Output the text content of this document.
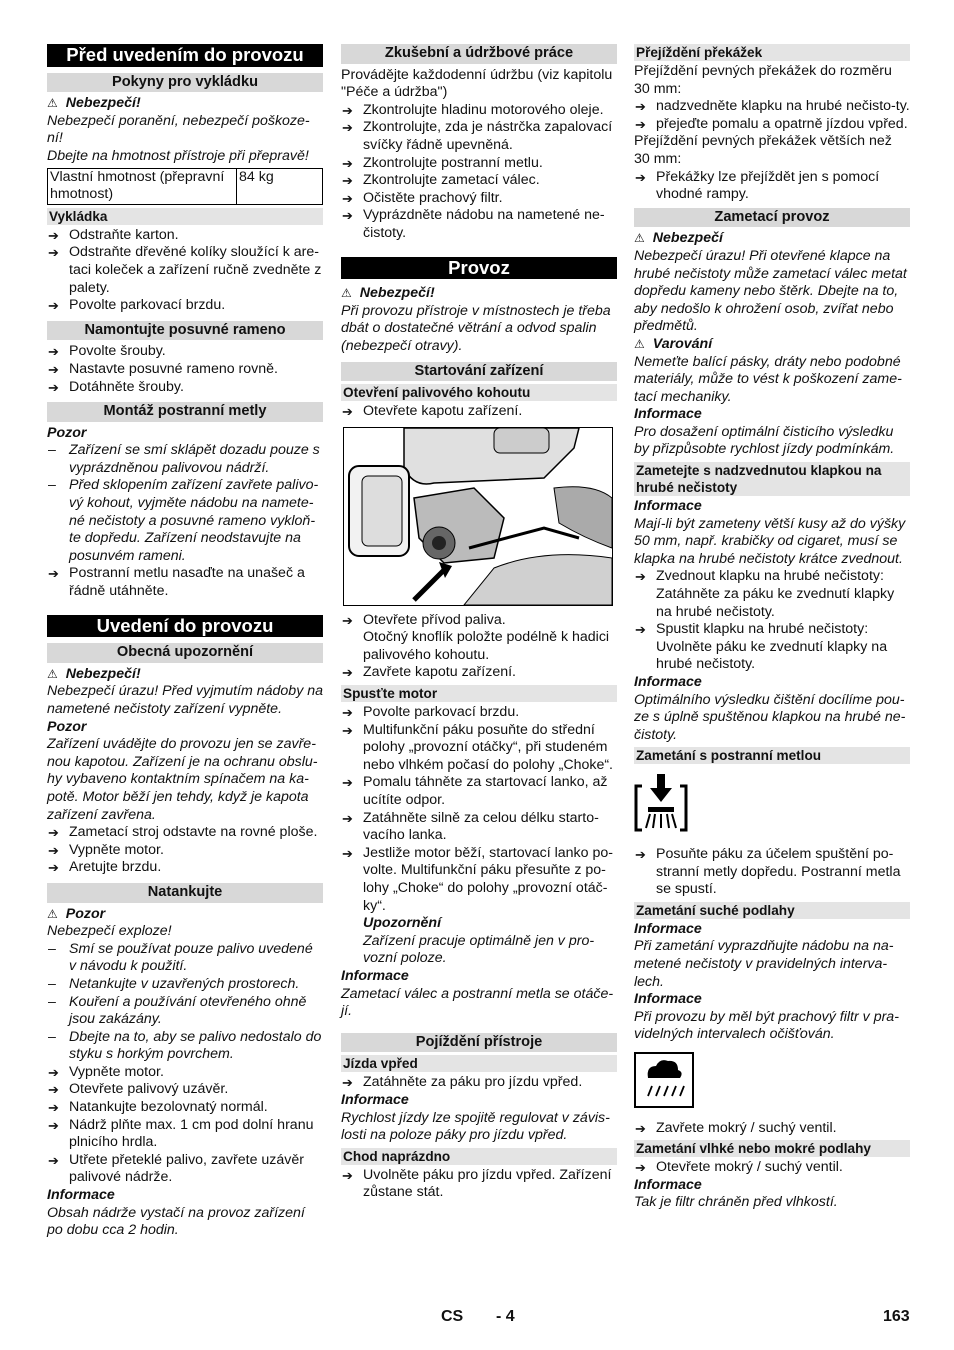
Před uvedením do provozu
Pokyny pro vykládku

⚠ Nebezpečí!

Nebezpečí poranění, nebezpečí poškoze-ní!

Dbejte na hmotnost přístroje při přepravě!

Vlastní hmotnost (přepravní hmotnost)	84 kg
Vykládka

➔ Odstraňte karton.

➔ Odstraňte dřevěné kolíky sloužící k are-taci koleček a zařízení ručně zvedněte z palety.

➔ Povolte parkovací brzdu.

Namontujte posuvné rameno

➔ Povolte šrouby.

➔ Nastavte posuvné rameno rovně.

➔ Dotáhněte šrouby.

Montáž postranní metly

Pozor

– Zařízení se smí sklápět dozadu pouze s vyprázdněnou palivovou nádrží.

– Před sklopením zařízení zavřete palivo-vý kohout, vyjměte nádobu na namete-né nečistoty a posuvné rameno vykloň-te dopředu. Zařízení neodstavujte na posunvém rameni.

➔ Postranní metlu nasaďte na unašeč a řádně utáhněte.

Uvedení do provozu
Obecná upozornění

⚠ Nebezpečí!

Nebezpečí úrazu! Před vyjmutím nádoby na nametené nečistoty zařízení vypněte.

Pozor

Zařízení uvádějte do provozu jen se zavře-nou kapotou. Zařízení je na ochranu obslu-hy vybaveno kontaktním spínačem na ka-potě. Motor běží jen tehdy, když je kapota zařízení zavřena.

➔ Zametací stroj odstavte na rovné ploše.

➔ Vypněte motor.

➔ Aretujte brzdu.

Natankujte

⚠ Pozor

Nebezpečí exploze!

– Smí se používat pouze palivo uvedené v návodu k použití.

– Netankujte v uzavřených prostorech.

– Kouření a používání otevřeného ohně jsou zakázány.

– Dbejte na to, aby se palivo nedostalo do styku s horkým povrchem.

➔ Vypněte motor.

➔ Otevřete palivový uzávěr.

➔ Natankujte bezolovnatý normál.

➔ Nádrž plňte max. 1 cm pod dolní hranu plnicího hrdla.

➔ Utřete přeteklé palivo, zavřete uzávěr palivové nádrže.

Informace

Obsah nádrže vystačí na provoz zařízení po dobu cca 2 hodin.

Zkušební a údržbové práce

Provádějte každodenní údržbu (viz kapitolu "Péče a údržba")

➔ Zkontrolujte hladinu motorového oleje.

➔ Zkontrolujte, zda je nástrčka zapalovací svíčky řádně upevněná.

➔ Zkontrolujte postranní metlu.

➔ Zkontrolujte zametací válec.

➔ Očistěte prachový filtr.

➔ Vyprázdněte nádobu na nametené ne-čistoty.

Provoz

⚠ Nebezpečí!

Při provozu přístroje v místnostech je třeba dbát o dostatečné větrání a odvod spalin (nebezpečí otravy).

Startování zařízení
Otevření palivového kohoutu

➔ Otevřete kapotu zařízení.

➔ Otevřete přívod paliva.

Otočný knoflík položte podélně k hadici palivového kohoutu.

➔ Zavřete kapotu zařízení.

Spusťte motor

➔ Povolte parkovací brzdu.

➔ Multifunkční páku posuňte do střední polohy „provozní otáčky“, při studeném nebo vlhkém počasí do polohy „Choke“.

➔ Pomalu táhněte za startovací lanko, až ucítíte odpor.

➔ Zatáhněte silně za celou délku starto-vacího lanka.

➔ Jestliže motor běží, startovací lanko po-volte. Multifunkční páku přesuňte z po-lohy „Choke“ do polohy „provozní otáč-ky“.

Upozornění

Zařízení pracuje optimálně jen v pro-vozní poloze.

Informace

Zametací válec a postranní metla se otáče-jí.

Pojíždění přístroje
Jízda vpřed

➔ Zatáhněte za páku pro jízdu vpřed.

Informace

Rychlost jízdy lze spojitě regulovat v závis-losti na poloze páky pro jízdu vpřed.

Chod naprázdno

➔ Uvolněte páku pro jízdu vpřed. Zařízení zůstane stát.

Přejíždění překážek

Přejíždění pevných překážek do rozměru 30 mm:

➔ nadzvedněte klapku na hrubé nečisto-ty.

➔ přejeďte pomalu a opatrně jízdou vpřed.

Přejíždění pevných překážek větších než 30 mm:

➔ Překážky lze přejíždět jen s pomocí vhodné rampy.

Zametací provoz

⚠ Nebezpečí

Nebezpečí úrazu! Při otevřené klapce na hrubé nečistoty může zametací válec metat dopředu kameny nebo štěrk. Dbejte na to, aby nedošlo k ohrožení osob, zvířat nebo předmětů.

⚠ Varování

Nemeťte balící pásky, dráty nebo podobné materiály, může to vést k poškození zame-tací mechaniky.

Informace

Pro dosažení optimální čisticího výsledku by přizpůsobte rychlost jízdy podmínkám.

Zametejte s nadzvednutou klapkou na hrubé nečistoty

Informace

Mají-li být zameteny větší kusy až do výšky 50 mm, např. krabičky od cigaret, musí se klapka na hrubé nečistoty krátce zvednout.

➔ Zvednout klapku na hrubé nečistoty: Zatáhněte za páku ke zvednutí klapky na hrubé nečistoty.

➔ Spustit klapku na hrubé nečistoty: Uvolněte páku ke zvednutí klapky na hrubé nečistoty.

Informace

Optimálního výsledku čištění docílíme pou-ze s úplně spuštěnou klapkou na hrubé ne-čistoty.

Zametání s postranní metlou

➔ Posuňte páku za účelem spuštění po-stranní metly dopředu. Postranní metla se spustí.

Zametání suché podlahy

Informace

Při zametání vyprazdňujte nádobu na na-metené nečistoty v pravidelných interva-lech.

Informace

Při provozu by měl být prachový filtr v pra-videlných intervalech očišťován.

➔ Zavřete mokrý / suchý ventil.

Zametání vlhké nebo mokré podlahy

➔ Otevřete mokrý / suchý ventil.

Informace

Tak je filtr chráněn před vlhkostí.

CS - 4	163
